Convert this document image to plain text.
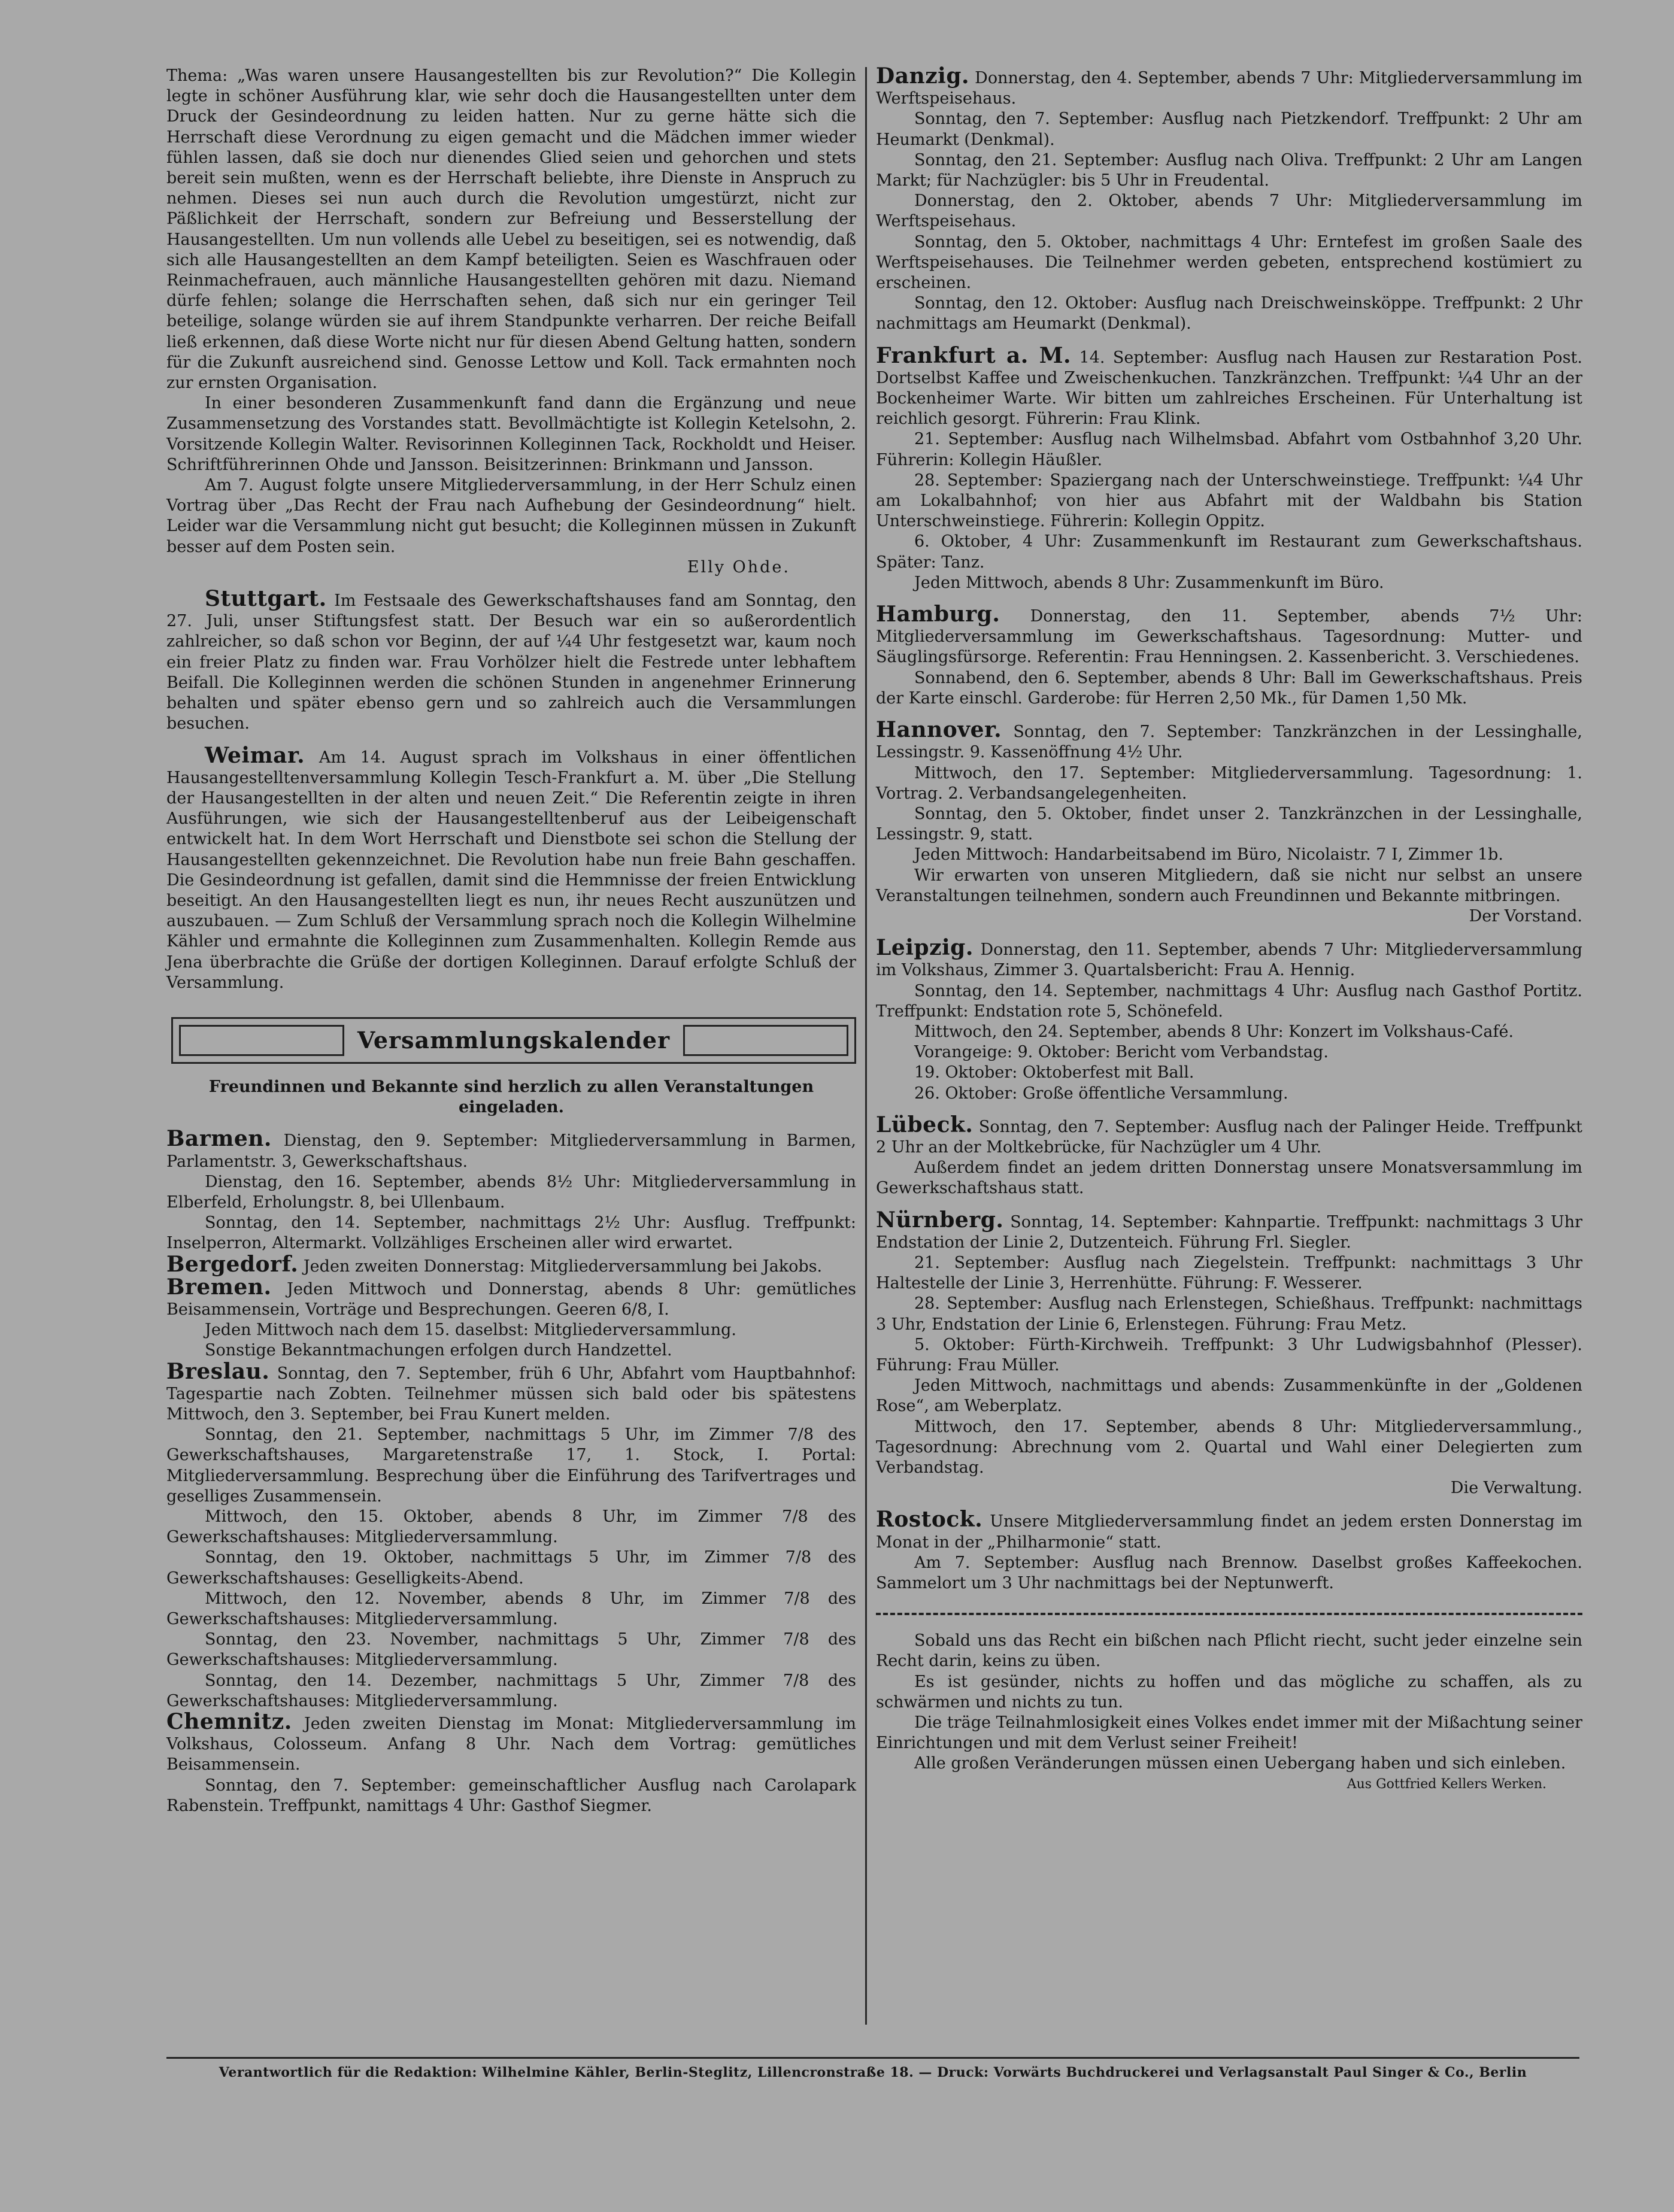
Thema: „Was waren unsere Hausangestellten bis zur Revolution?“ Die Kollegin legte in schöner Ausführung klar, wie sehr doch die Hausangestellten unter dem Druck der Gesindeordnung zu leiden hatten. Nur zu gerne hätte sich die Herrschaft diese Verordnung zu eigen gemacht und die Mädchen immer wieder fühlen lassen, daß sie doch nur dienendes Glied seien und gehorchen und stets bereit sein mußten, wenn es der Herrschaft beliebte, ihre Dienste in Anspruch zu nehmen. Dieses sei nun auch durch die Revolution umgestürzt, nicht zur Päßlichkeit der Herrschaft, sondern zur Befreiung und Besserstellung der Hausangestellten. Um nun vollends alle Uebel zu beseitigen, sei es notwendig, daß sich alle Hausangestellten an dem Kampf beteiligten. Seien es Waschfrauen oder Reinmachefrauen, auch männliche Hausangestellten gehören mit dazu. Niemand dürfe fehlen; solange die Herrschaften sehen, daß sich nur ein geringer Teil beteilige, solange würden sie auf ihrem Standpunkte verharren. Der reiche Beifall ließ erkennen, daß diese Worte nicht nur für diesen Abend Geltung hatten, sondern für die Zukunft ausreichend sind. Genosse Lettow und Koll. Tack ermahnten noch zur ernsten Organisation.

In einer besonderen Zusammenkunft fand dann die Ergänzung und neue Zusammensetzung des Vorstandes statt. Bevollmächtigte ist Kollegin Ketelsohn, 2. Vorsitzende Kollegin Walter. Revisorinnen Kolleginnen Tack, Rockholdt und Heiser. Schriftführerinnen Ohde und Jansson. Beisitzerinnen: Brinkmann und Jansson.

Am 7. August folgte unsere Mitgliederversammlung, in der Herr Schulz einen Vortrag über „Das Recht der Frau nach Aufhebung der Gesindeordnung“ hielt. Leider war die Versammlung nicht gut besucht; die Kolleginnen müssen in Zukunft besser auf dem Posten sein.

Elly Ohde.

Stuttgart. Im Festsaale des Gewerkschaftshauses fand am Sonntag, den 27. Juli, unser Stiftungsfest statt. Der Besuch war ein so außerordentlich zahlreicher, so daß schon vor Beginn, der auf ¼4 Uhr festgesetzt war, kaum noch ein freier Platz zu finden war. Frau Vorhölzer hielt die Festrede unter lebhaftem Beifall. Die Kolleginnen werden die schönen Stunden in angenehmer Erinnerung behalten und später ebenso gern und so zahlreich auch die Versammlungen besuchen.

Weimar. Am 14. August sprach im Volkshaus in einer öffentlichen Hausangestelltenversammlung Kollegin Tesch-Frankfurt a. M. über „Die Stellung der Hausangestellten in der alten und neuen Zeit.“ Die Referentin zeigte in ihren Ausführungen, wie sich der Hausangestelltenberuf aus der Leibeigenschaft entwickelt hat. In dem Wort Herrschaft und Dienstbote sei schon die Stellung der Hausangestellten gekennzeichnet. Die Revolution habe nun freie Bahn geschaffen. Die Gesindeordnung ist gefallen, damit sind die Hemmnisse der freien Entwicklung beseitigt. An den Hausangestellten liegt es nun, ihr neues Recht auszunützen und auszubauen. — Zum Schluß der Versammlung sprach noch die Kollegin Wilhelmine Kähler und ermahnte die Kolleginnen zum Zusammenhalten. Kollegin Remde aus Jena überbrachte die Grüße der dortigen Kolleginnen. Darauf erfolgte Schluß der Versammlung.

Versammlungskalender

Freundinnen und Bekannte sind herzlich zu allen Veranstaltungen eingeladen.

Barmen. Dienstag, den 9. September: Mitgliederversammlung in Barmen, Parlamentstr. 3, Gewerkschaftshaus.

Dienstag, den 16. September, abends 8½ Uhr: Mitgliederversammlung in Elberfeld, Erholungstr. 8, bei Ullenbaum.

Sonntag, den 14. September, nachmittags 2½ Uhr: Ausflug. Treffpunkt: Inselperron, Altermarkt. Vollzähliges Erscheinen aller wird erwartet.

Bergedorf. Jeden zweiten Donnerstag: Mitgliederversammlung bei Jakobs.

Bremen. Jeden Mittwoch und Donnerstag, abends 8 Uhr: gemütliches Beisammensein, Vorträge und Besprechungen. Geeren 6/8, I.

Jeden Mittwoch nach dem 15. daselbst: Mitgliederversammlung.

Sonstige Bekanntmachungen erfolgen durch Handzettel.

Breslau. Sonntag, den 7. September, früh 6 Uhr, Abfahrt vom Hauptbahnhof: Tagespartie nach Zobten. Teilnehmer müssen sich bald oder bis spätestens Mittwoch, den 3. September, bei Frau Kunert melden.

Sonntag, den 21. September, nachmittags 5 Uhr, im Zimmer 7/8 des Gewerkschaftshauses, Margaretenstraße 17, 1. Stock, I. Portal: Mitgliederversammlung. Besprechung über die Einführung des Tarifvertrages und geselliges Zusammensein.

Mittwoch, den 15. Oktober, abends 8 Uhr, im Zimmer 7/8 des Gewerkschaftshauses: Mitgliederversammlung.

Sonntag, den 19. Oktober, nachmittags 5 Uhr, im Zimmer 7/8 des Gewerkschaftshauses: Geselligkeits-Abend.

Mittwoch, den 12. November, abends 8 Uhr, im Zimmer 7/8 des Gewerkschaftshauses: Mitgliederversammlung.

Sonntag, den 23. November, nachmittags 5 Uhr, Zimmer 7/8 des Gewerkschaftshauses: Mitgliederversammlung.

Sonntag, den 14. Dezember, nachmittags 5 Uhr, Zimmer 7/8 des Gewerkschaftshauses: Mitgliederversammlung.

Chemnitz. Jeden zweiten Dienstag im Monat: Mitgliederversammlung im Volkshaus, Colosseum. Anfang 8 Uhr. Nach dem Vortrag: gemütliches Beisammensein.

Sonntag, den 7. September: gemeinschaftlicher Ausflug nach Carolapark Rabenstein. Treffpunkt, namittags 4 Uhr: Gasthof Siegmer.

Danzig. Donnerstag, den 4. September, abends 7 Uhr: Mitgliederversammlung im Werftspeisehaus.

Sonntag, den 7. September: Ausflug nach Pietzkendorf. Treffpunkt: 2 Uhr am Heumarkt (Denkmal).

Sonntag, den 21. September: Ausflug nach Oliva. Treffpunkt: 2 Uhr am Langen Markt; für Nachzügler: bis 5 Uhr in Freudental.

Donnerstag, den 2. Oktober, abends 7 Uhr: Mitgliederversammlung im Werftspeisehaus.

Sonntag, den 5. Oktober, nachmittags 4 Uhr: Erntefest im großen Saale des Werftspeisehauses. Die Teilnehmer werden gebeten, entsprechend kostümiert zu erscheinen.

Sonntag, den 12. Oktober: Ausflug nach Dreischweinsköppe. Treffpunkt: 2 Uhr nachmittags am Heumarkt (Denkmal).

Frankfurt a. M. 14. September: Ausflug nach Hausen zur Restaration Post. Dortselbst Kaffee und Zweischenkuchen. Tanzkränzchen. Treffpunkt: ¼4 Uhr an der Bockenheimer Warte. Wir bitten um zahlreiches Erscheinen. Für Unterhaltung ist reichlich gesorgt. Führerin: Frau Klink.

21. September: Ausflug nach Wilhelmsbad. Abfahrt vom Ostbahnhof 3,20 Uhr. Führerin: Kollegin Häußler.

28. September: Spaziergang nach der Unterschweinstiege. Treffpunkt: ¼4 Uhr am Lokalbahnhof; von hier aus Abfahrt mit der Waldbahn bis Station Unterschweinstiege. Führerin: Kollegin Oppitz.

6. Oktober, 4 Uhr: Zusammenkunft im Restaurant zum Gewerkschaftshaus. Später: Tanz.

Jeden Mittwoch, abends 8 Uhr: Zusammenkunft im Büro.

Hamburg. Donnerstag, den 11. September, abends 7½ Uhr: Mitgliederversammlung im Gewerkschaftshaus. Tagesordnung: Mutter- und Säuglingsfürsorge. Referentin: Frau Henningsen. 2. Kassenbericht. 3. Verschiedenes.

Sonnabend, den 6. September, abends 8 Uhr: Ball im Gewerkschaftshaus. Preis der Karte einschl. Garderobe: für Herren 2,50 Mk., für Damen 1,50 Mk.

Hannover. Sonntag, den 7. September: Tanzkränzchen in der Lessinghalle, Lessingstr. 9. Kassenöffnung 4½ Uhr.

Mittwoch, den 17. September: Mitgliederversammlung. Tagesordnung: 1. Vortrag. 2. Verbandsangelegenheiten.

Sonntag, den 5. Oktober, findet unser 2. Tanzkränzchen in der Lessinghalle, Lessingstr. 9, statt.

Jeden Mittwoch: Handarbeitsabend im Büro, Nicolaistr. 7 I, Zimmer 1b.

Wir erwarten von unseren Mitgliedern, daß sie nicht nur selbst an unsere Veranstaltungen teilnehmen, sondern auch Freundinnen und Bekannte mitbringen.

Der Vorstand.

Leipzig. Donnerstag, den 11. September, abends 7 Uhr: Mitgliederversammlung im Volkshaus, Zimmer 3. Quartalsbericht: Frau A. Hennig.

Sonntag, den 14. September, nachmittags 4 Uhr: Ausflug nach Gasthof Portitz. Treffpunkt: Endstation rote 5, Schönefeld.

Mittwoch, den 24. September, abends 8 Uhr: Konzert im Volkshaus-Café.

Vorangeige: 9. Oktober: Bericht vom Verbandstag.

19. Oktober: Oktoberfest mit Ball.

26. Oktober: Große öffentliche Versammlung.

Lübeck. Sonntag, den 7. September: Ausflug nach der Palinger Heide. Treffpunkt 2 Uhr an der Moltkebrücke, für Nachzügler um 4 Uhr.

Außerdem findet an jedem dritten Donnerstag unsere Monatsversammlung im Gewerkschaftshaus statt.

Nürnberg. Sonntag, 14. September: Kahnpartie. Treffpunkt: nachmittags 3 Uhr Endstation der Linie 2, Dutzenteich. Führung Frl. Siegler.

21. September: Ausflug nach Ziegelstein. Treffpunkt: nachmittags 3 Uhr Haltestelle der Linie 3, Herrenhütte. Führung: F. Wesserer.

28. September: Ausflug nach Erlenstegen, Schießhaus. Treffpunkt: nachmittags 3 Uhr, Endstation der Linie 6, Erlenstegen. Führung: Frau Metz.

5. Oktober: Fürth-Kirchweih. Treffpunkt: 3 Uhr Ludwigsbahnhof (Plesser). Führung: Frau Müller.

Jeden Mittwoch, nachmittags und abends: Zusammenkünfte in der „Goldenen Rose“, am Weberplatz.

Mittwoch, den 17. September, abends 8 Uhr: Mitgliederversammlung., Tagesordnung: Abrechnung vom 2. Quartal und Wahl einer Delegierten zum Verbandstag.

Die Verwaltung.

Rostock. Unsere Mitgliederversammlung findet an jedem ersten Donnerstag im Monat in der „Philharmonie“ statt.

Am 7. September: Ausflug nach Brennow. Daselbst großes Kaffeekochen. Sammelort um 3 Uhr nachmittags bei der Neptunwerft.

Sobald uns das Recht ein bißchen nach Pflicht riecht, sucht jeder einzelne sein Recht darin, keins zu üben.

Es ist gesünder, nichts zu hoffen und das mögliche zu schaffen, als zu schwärmen und nichts zu tun.

Die träge Teilnahmlosigkeit eines Volkes endet immer mit der Mißachtung seiner Einrichtungen und mit dem Verlust seiner Freiheit!

Alle großen Veränderungen müssen einen Uebergang haben und sich einleben.

Aus Gottfried Kellers Werken.

Verantwortlich für die Redaktion: Wilhelmine Kähler, Berlin-Steglitz, Lillencronstraße 18. — Druck: Vorwärts Buchdruckerei und Verlagsanstalt Paul Singer & Co., Berlin
